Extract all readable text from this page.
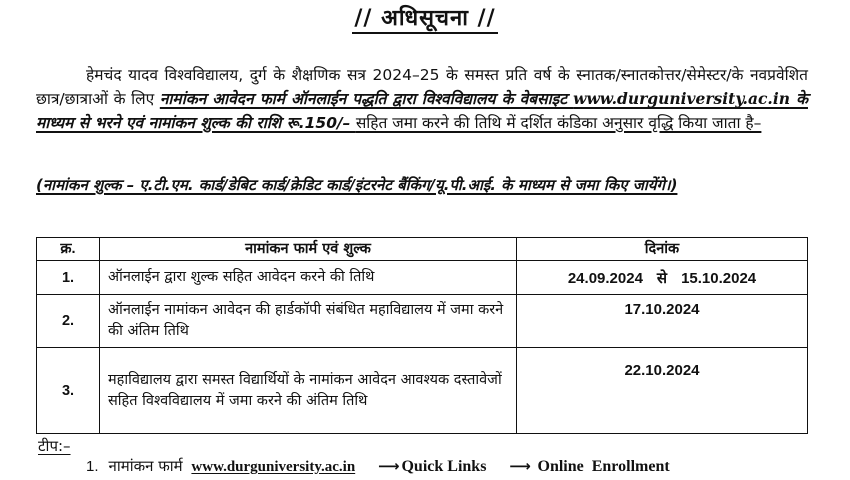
// अधिसूचना //
हेमचंद यादव विश्वविद्यालय, दुर्ग के शैक्षणिक सत्र 2024–25 के समस्त प्रति वर्ष के स्नातक/स्नातकोत्तर/सेमेस्टर/के नवप्रवेशित छात्र/छात्राओं के लिए नामांकन आवेदन फार्म ऑनलाईन पद्धति द्वारा विश्वविद्यालय के वेबसाइट www.durguniversity.ac.in के माध्यम से भरने एवं नामांकन शुल्क की राशि रू.150/– सहित जमा करने की तिथि में दर्शित कंडिका अनुसार वृद्धि किया जाता है–
(नामांकन शुल्क – ए.टी.एम. कार्ड/डेबिट कार्ड/क्रेडिट कार्ड/इंटरनेट बैंकिंग/यू.पी.आई. के माध्यम से जमा किए जायेंगे।)
क्र.	नामांकन फार्म एवं शुल्क	दिनांक
1.	ऑनलाईन द्वारा शुल्क सहित आवेदन करने की तिथि	24.09.2024 से 15.10.2024
2.	ऑनलाईन नामांकन आवेदन की हार्डकॉपी संबंधित महाविद्यालय में जमा करने की अंतिम तिथि	17.10.2024
3.	महाविद्यालय द्वारा समस्त विद्यार्थियों के नामांकन आवेदन आवश्यक दस्तावेजों सहित विश्वविद्यालय में जमा करने की अंतिम तिथि	22.10.2024
टीप:–
1. नामांकन फार्म www.durguniversity.ac.in ⟶ Quick Links ⟶ Online  Enrollment
